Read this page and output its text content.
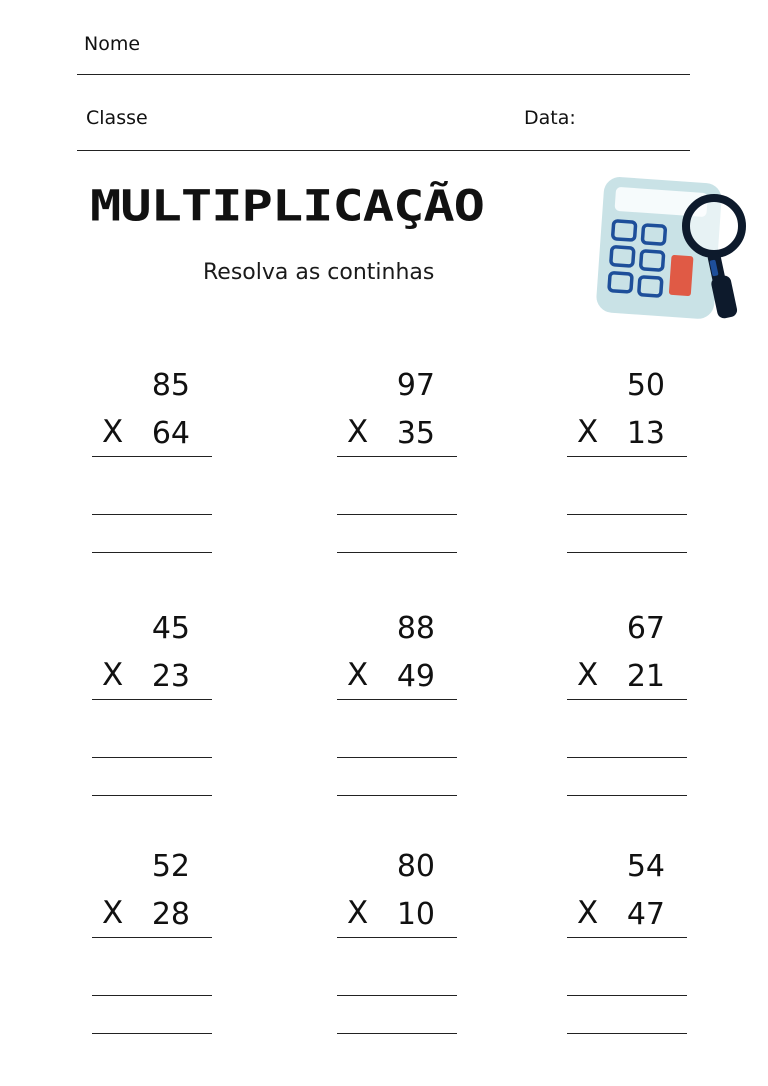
Nome
Classe	Data:
MULTIPLICAÇÃO
Resolva as continhas
85
X 64
97
X 35
50
X 13
45
X 23
88
X 49
67
X 21
52
X 28
80
X 10
54
X 47
